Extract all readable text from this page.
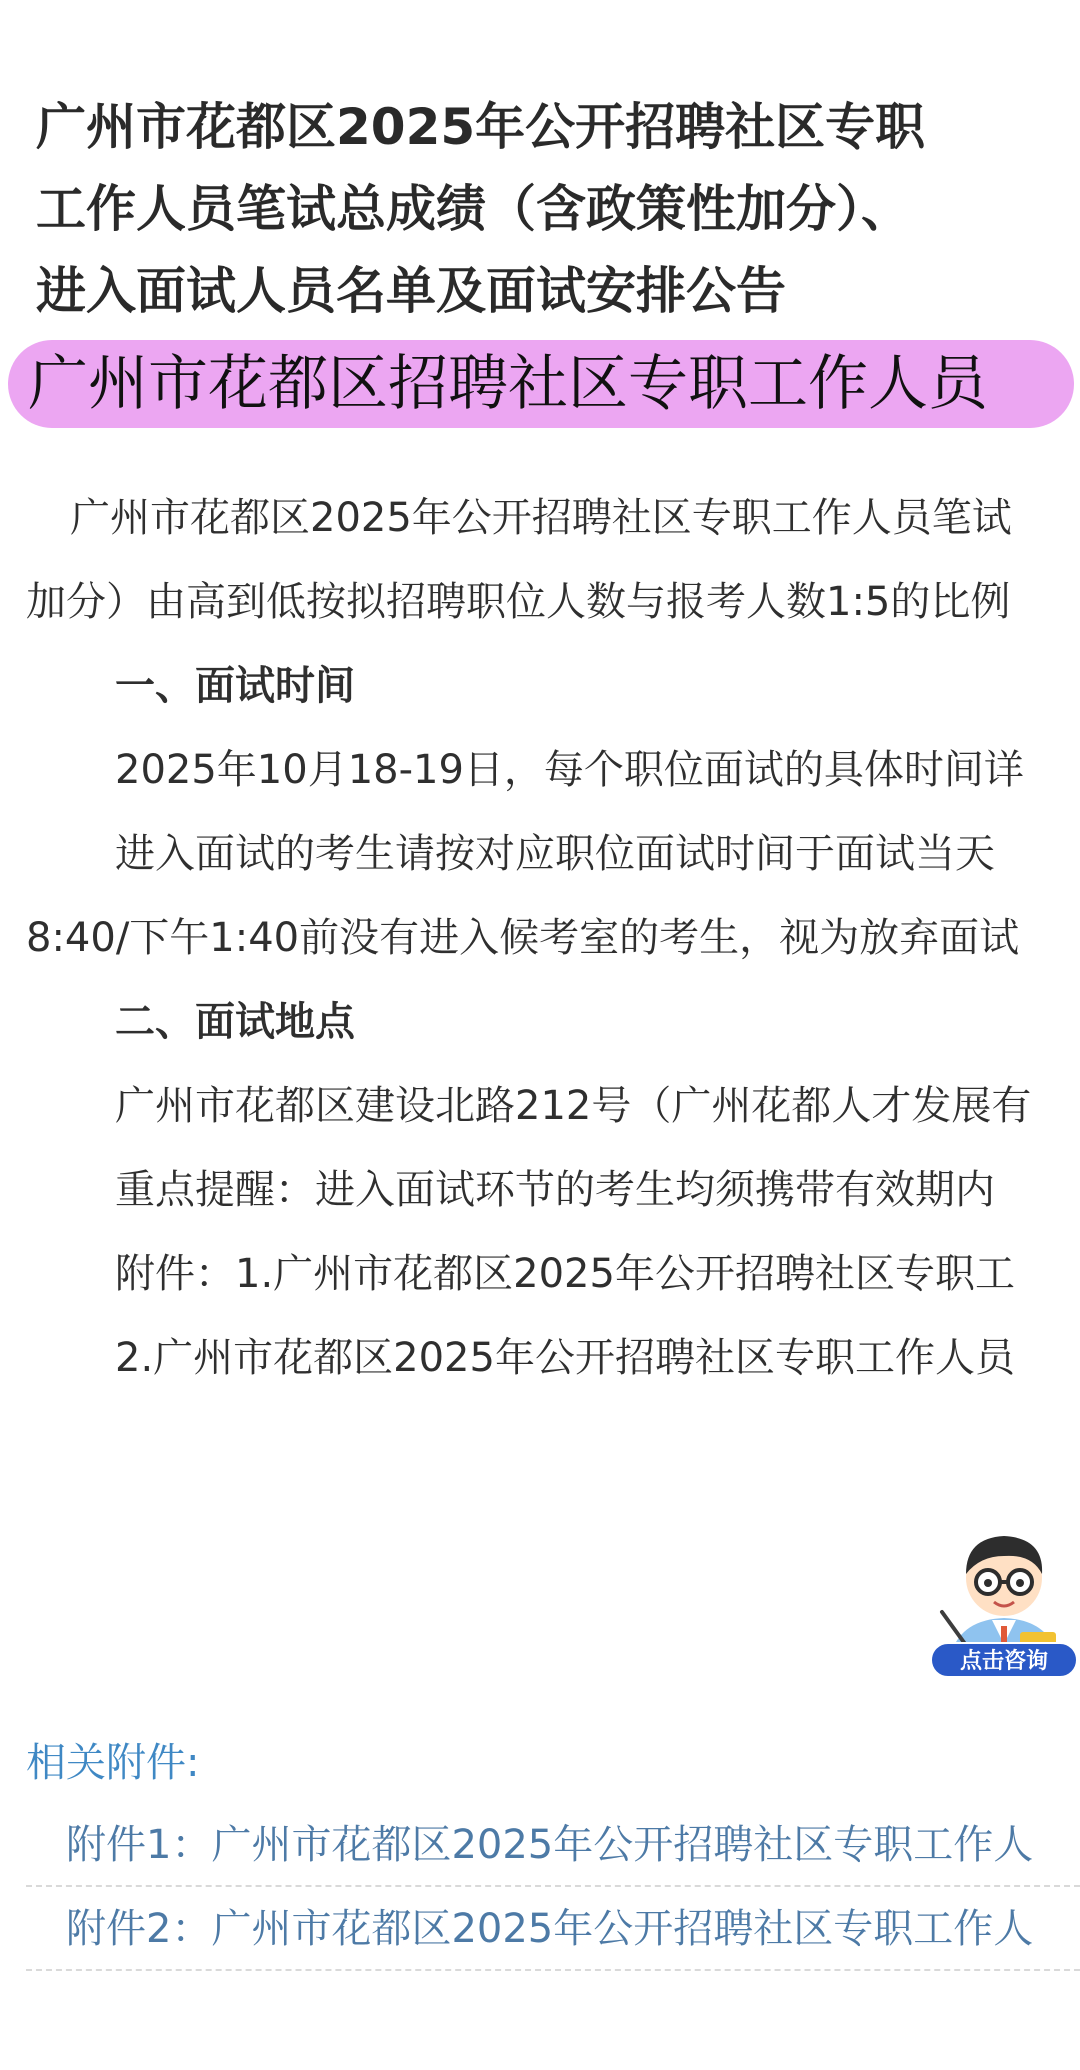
广州市花都区2025年公开招聘社区专职
工作人员笔试总成绩（含政策性加分）、
进入面试人员名单及面试安排公告
广州市花都区招聘社区专职工作人员
广州市花都区2025年公开招聘社区专职工作人员笔试
加分）由高到低按拟招聘职位人数与报考人数1:5的比例
一、面试时间
2025年10月18-19日，每个职位面试的具体时间详
进入面试的考生请按对应职位面试时间于面试当天
8:40/下午1:40前没有进入候考室的考生，视为放弃面试
二、面试地点
广州市花都区建设北路212号（广州花都人才发展有
重点提醒：进入面试环节的考生均须携带有效期内
附件：1.广州市花都区2025年公开招聘社区专职工
2.广州市花都区2025年公开招聘社区专职工作人员
点击咨询
相关附件:
附件1：广州市花都区2025年公开招聘社区专职工作人
附件2：广州市花都区2025年公开招聘社区专职工作人
